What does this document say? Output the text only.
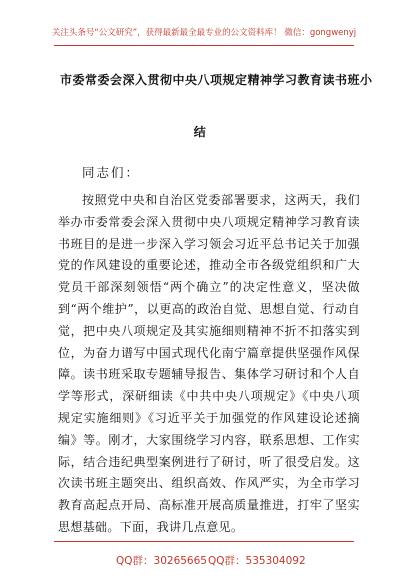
关注头条号“公文研究”，获得最新最全最专业的公文资料库！ 微信：gongwenyj
市委常委会深入贯彻中央八项规定精神学习教育读书班小
结
同志们：

按照党中央和自治区党委部署要求，这两天，我们举办市委常委会深入贯彻中央八项规定精神学习教育读书班目的是进一步深入学习领会习近平总书记关于加强党的作风建设的重要论述，推动全市各级党组织和广大党员干部深刻领悟“两个确立”的决定性意义，坚决做到“两个维护”，以更高的政治自觉、思想自觉、行动自觉，把中央八项规定及其实施细则精神不折不扣落实到位，为奋力谱写中国式现代化南宁篇章提供坚强作风保障。读书班采取专题辅导报告、集体学习研讨和个人自学等形式，深研细读《中共中央八项规定》《中央八项规定实施细则》《习近平关于加强党的作风建设论述摘编》等。刚才，大家围绕学习内容，联系思想、工作实际，结合违纪典型案例进行了研讨，听了很受启发。这次读书班主题突出、组织高效、作风严实，为全市学习教育高起点开局、高标准开展高质量推进，打牢了坚实思想基础。下面，我讲几点意见。

QQ群：30265665 QQ群：535304092
